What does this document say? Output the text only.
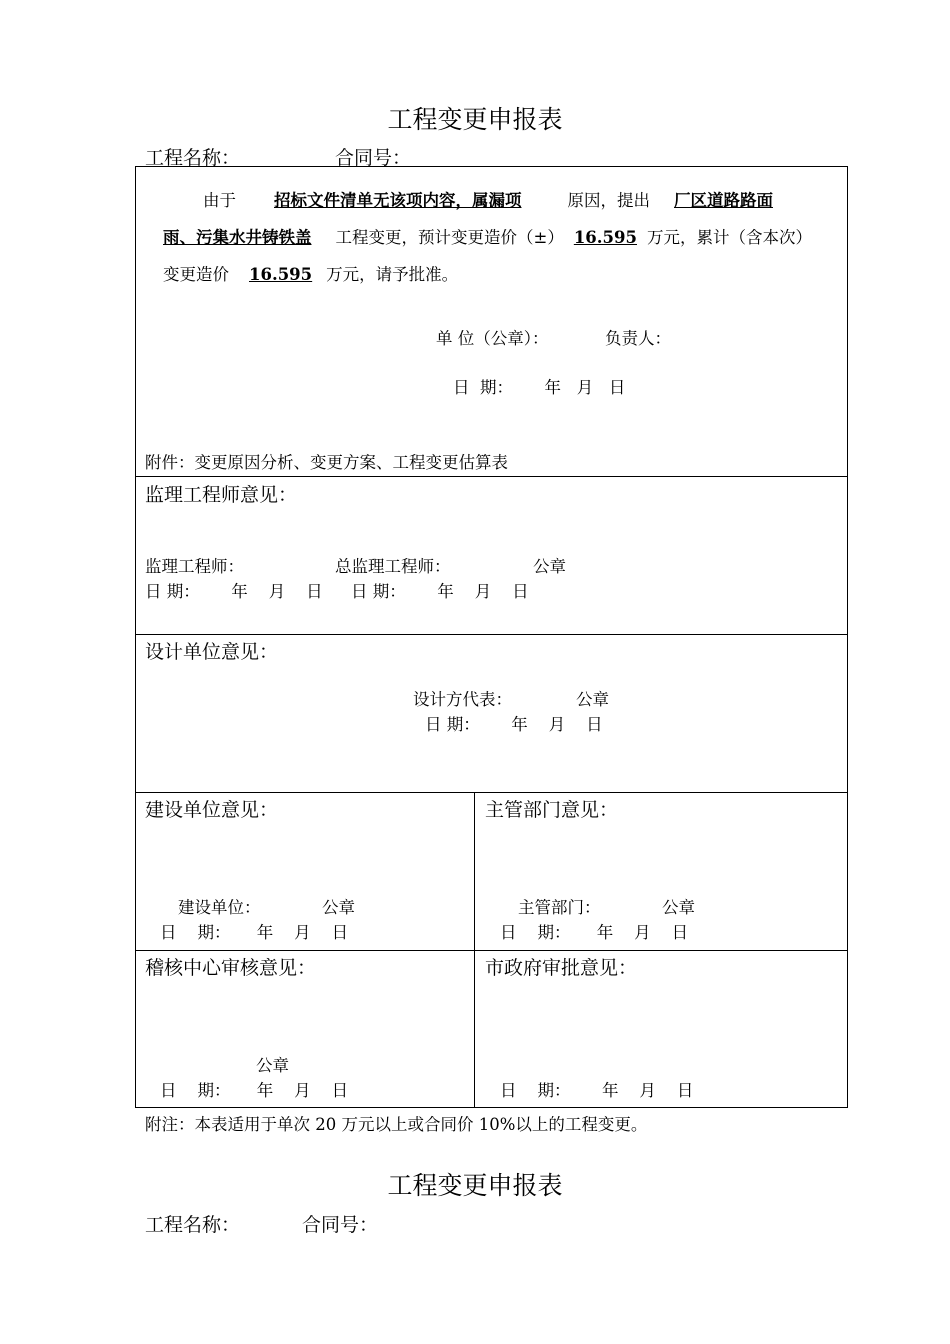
工程变更申报表
工程名称：	合同号：

由于 招标文件清单无该项内容，属漏项	原因，提出 厂区道路路面

雨、污集水井铸铁盖 工程变更，预计变更造价（±） 16.595 万元，累计（含本次）

变更造价 16.595 万元，请予批准。

单 位（公章）：	负责人：
日  期：      年   月   日
附件：变更原因分析、变更方案、工程变更估算表
监理工程师意见：
监理工程师：	总监理工程师：	公章
日 期：      年    月    日 日 期：      年    月    日
设计单位意见：
设计方代表：	公章
日 期：      年    月    日
建设单位意见：
建设单位：	公章
日    期：     年    月    日
主管部门意见：
主管部门：	公章
日    期：     年    月    日
稽核中心审核意见：
公章
日    期：     年    月    日
市政府审批意见：
日    期：      年    月    日
附注：本表适用于单次 20 万元以上或合同价 10%以上的工程变更。
工程变更申报表
工程名称：	合同号：
